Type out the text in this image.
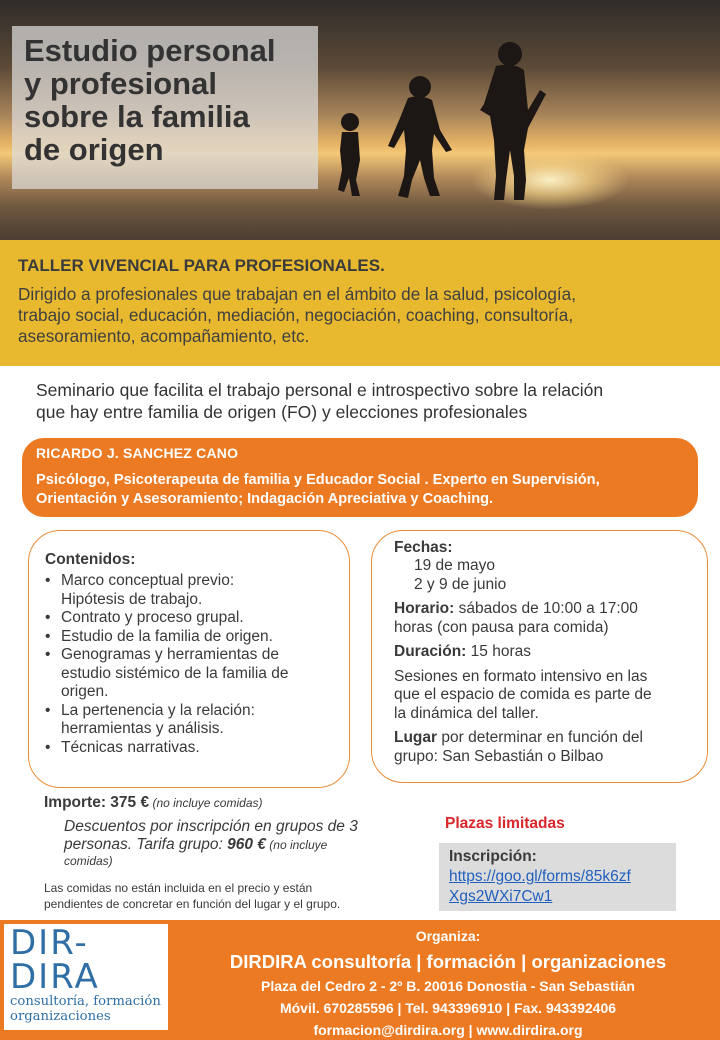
Estudio personal
y profesional
sobre la familia
de origen
TALLER VIVENCIAL PARA PROFESIONALES.
Dirigido a profesionales que trabajan en el ámbito de la salud, psicología,
trabajo social, educación, mediación, negociación, coaching, consultoría,
asesoramiento, acompañamiento, etc.
Seminario que facilita el trabajo personal e introspectivo sobre la relación
que hay entre familia de origen (FO) y elecciones profesionales
RICARDO J. SANCHEZ CANO
Psicólogo, Psicoterapeuta de familia y Educador Social . Experto en Supervisión,
Orientación y Asesoramiento; Indagación Apreciativa y Coaching.
Contenidos:
• Marco conceptual previo:
Hipótesis de trabajo.
• Contrato y proceso grupal.
• Estudio de la familia de origen.
• Genogramas y herramientas de
estudio sistémico de la familia de
origen.
• La pertenencia y la relación:
herramientas y análisis.
• Técnicas narrativas.
Fechas:
19 de mayo
2 y 9 de junio
Horario: sábados de 10:00 a 17:00
horas (con pausa para comida)
Duración: 15 horas
Sesiones en formato intensivo en las
que el espacio de comida es parte de
la dinámica del taller.
Lugar por determinar en función del
grupo: San Sebastián o Bilbao
Importe: 375 € (no incluye comidas)
Descuentos por inscripción en grupos de 3
personas. Tarifa grupo: 960 € (no incluye
comidas)
Las comidas no están incluida en el precio y están
pendientes de concretar en función del lugar y el grupo.
Plazas limitadas
Inscripción:
https://goo.gl/forms/85k6zf
Xgs2WXi7Cw1
DIR-
DIRA
consultoría, formación
organizaciones
Organiza:
DIRDIRA consultoría | formación | organizaciones
Plaza del Cedro 2 - 2º B. 20016 Donostia - San Sebastián
Móvil. 670285596 | Tel. 943396910 | Fax. 943392406
formacion@dirdira.org | www.dirdira.org
